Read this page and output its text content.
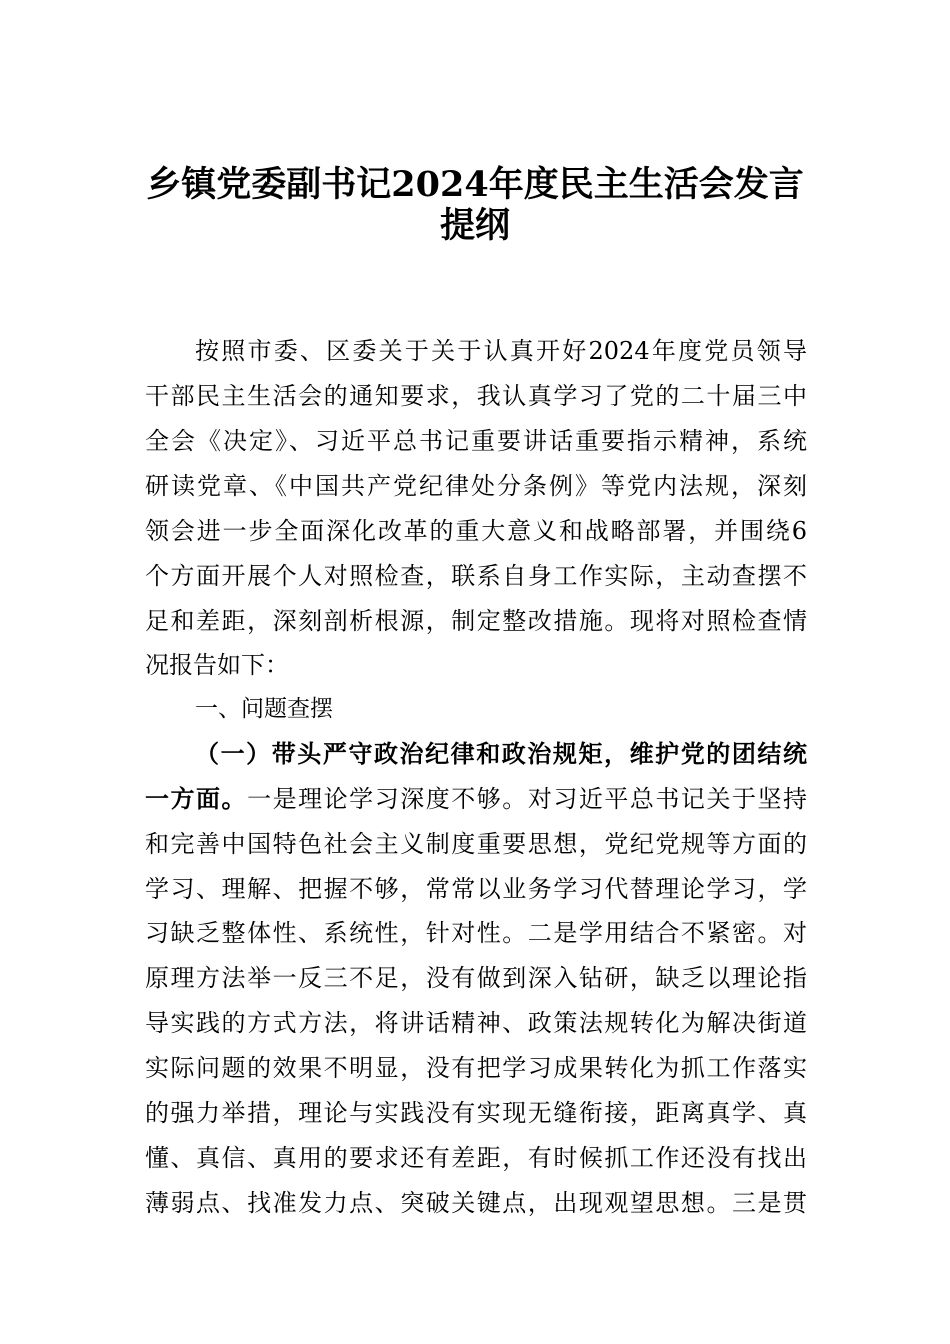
乡镇党委副书记2024年度民主生活会发言
提纲
按照市委、区委关于关于认真开好2024年度党员领导
干部民主生活会的通知要求，我认真学习了党的二十届三中
全会《决定》、习近平总书记重要讲话重要指示精神，系统
研读党章、《中国共产党纪律处分条例》等党内法规，深刻
领会进一步全面深化改革的重大意义和战略部署，并围绕6
个方面开展个人对照检查，联系自身工作实际，主动查摆不
足和差距，深刻剖析根源，制定整改措施。现将对照检查情
况报告如下：
一、问题查摆
（一）带头严守政治纪律和政治规矩，维护党的团结统
一方面。一是理论学习深度不够。对习近平总书记关于坚持
和完善中国特色社会主义制度重要思想，党纪党规等方面的
学习、理解、把握不够，常常以业务学习代替理论学习，学
习缺乏整体性、系统性，针对性。二是学用结合不紧密。对
原理方法举一反三不足，没有做到深入钻研，缺乏以理论指
导实践的方式方法，将讲话精神、政策法规转化为解决街道
实际问题的效果不明显，没有把学习成果转化为抓工作落实
的强力举措，理论与实践没有实现无缝衔接，距离真学、真
懂、真信、真用的要求还有差距，有时候抓工作还没有找出
薄弱点、找准发力点、突破关键点，出现观望思想。三是贯
